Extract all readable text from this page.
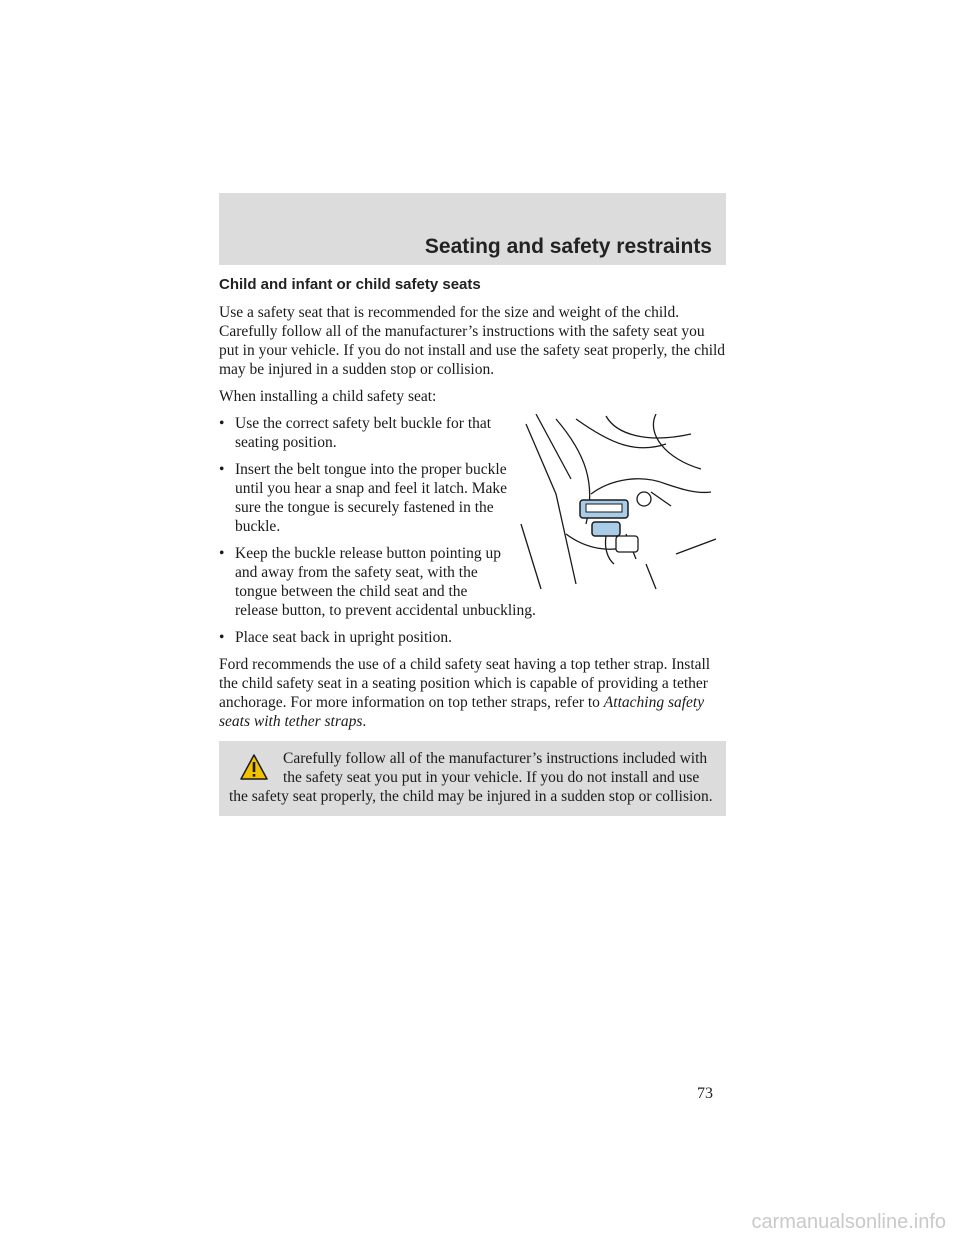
Seating and safety restraints
Child and infant or child safety seats

Use a safety seat that is recommended for the size and weight of the child. Carefully follow all of the manufacturer’s instructions with the safety seat you put in your vehicle. If you do not install and use the safety seat properly, the child may be injured in a sudden stop or collision.

When installing a child safety seat:

• Use the correct safety belt buckle for that seating position.
• Insert the belt tongue into the proper buckle until you hear a snap and feel it latch. Make sure the tongue is securely fastened in the buckle.
• Keep the buckle release button pointing up and away from the safety seat, with the tongue between the child seat and the release button, to prevent accidental unbuckling.
• Place seat back in upright position.

Ford recommends the use of a child safety seat having a top tether strap. Install the child safety seat in a seating position which is capable of providing a tether anchorage. For more information on top tether straps, refer to Attaching safety seats with tether straps.

Carefully follow all of the manufacturer’s instructions included with the safety seat you put in your vehicle. If you do not install and use the safety seat properly, the child may be injured in a sudden stop or collision.
73
carmanualsonline.info
